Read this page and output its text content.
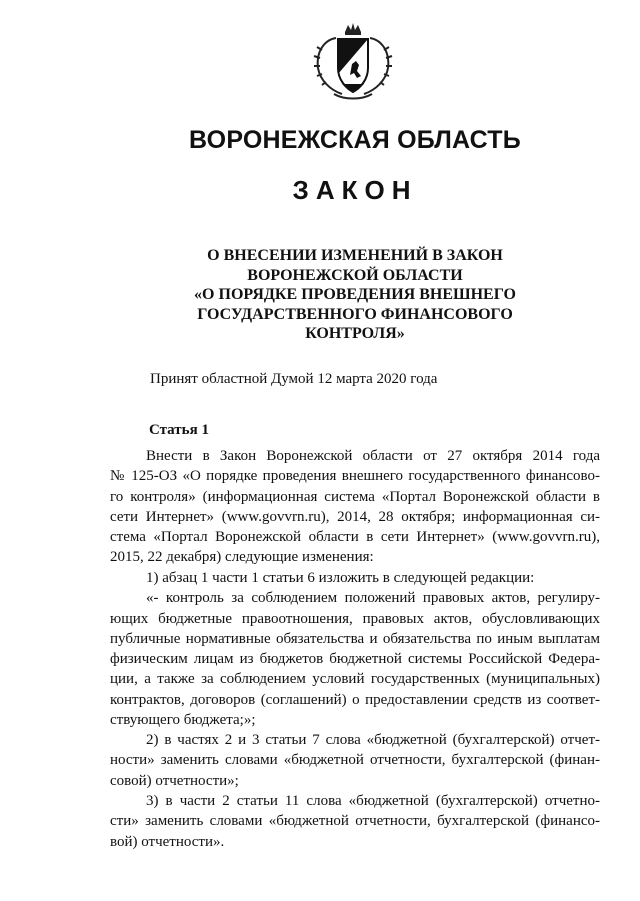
ВОРОНЕЖСКАЯ ОБЛАСТЬ
ЗАКОН
О ВНЕСЕНИИ ИЗМЕНЕНИЙ В ЗАКОН
ВОРОНЕЖСКОЙ ОБЛАСТИ
«О ПОРЯДКЕ ПРОВЕДЕНИЯ ВНЕШНЕГО
ГОСУДАРСТВЕННОГО ФИНАНСОВОГО
КОНТРОЛЯ»
Принят областной Думой 12 марта 2020 года
Статья 1
Внести в Закон Воронежской области от 27 октября 2014 года
№ 125-ОЗ «О порядке проведения внешнего государственного финансово-
го контроля» (информационная система «Портал Воронежской области в
сети Интернет» (www.govvrn.ru), 2014, 28 октября; информационная си-
стема «Портал Воронежской области в сети Интернет» (www.govvrn.ru),
2015, 22 декабря) следующие изменения:
1) абзац 1 части 1 статьи 6 изложить в следующей редакции:
«- контроль за соблюдением положений правовых актов, регулиру-
ющих бюджетные правоотношения, правовых актов, обусловливающих
публичные нормативные обязательства и обязательства по иным выплатам
физическим лицам из бюджетов бюджетной системы Российской Федера-
ции, а также за соблюдением условий государственных (муниципальных)
контрактов, договоров (соглашений) о предоставлении средств из соответ-
ствующего бюджета;»;
2) в частях 2 и 3 статьи 7 слова «бюджетной (бухгалтерской) отчет-
ности» заменить словами «бюджетной отчетности, бухгалтерской (финан-
совой) отчетности»;
3) в части 2 статьи 11 слова «бюджетной (бухгалтерской) отчетно-
сти» заменить словами «бюджетной отчетности, бухгалтерской (финансо-
вой) отчетности».
